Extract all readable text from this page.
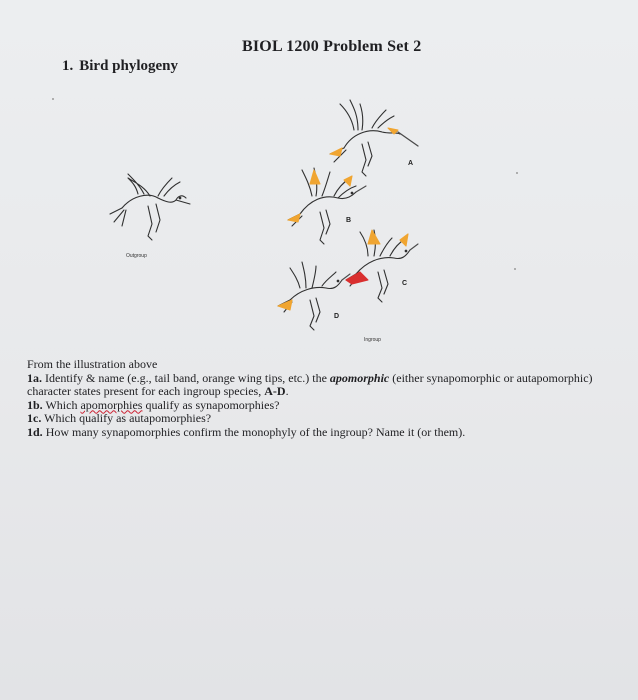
BIOL 1200 Problem Set 2
1. Bird phylogeny
A
B
C
D
Outgroup
Ingroup

From the illustration above

1a. Identify & name (e.g., tail band, orange wing tips, etc.) the apomorphic (either synapomorphic or autapomorphic) character states present for each ingroup species, A-D.

1b. Which apomorphies qualify as synapomorphies?

1c. Which qualify as autapomorphies?

1d. How many synapomorphies confirm the monophyly of the ingroup? Name it (or them).
